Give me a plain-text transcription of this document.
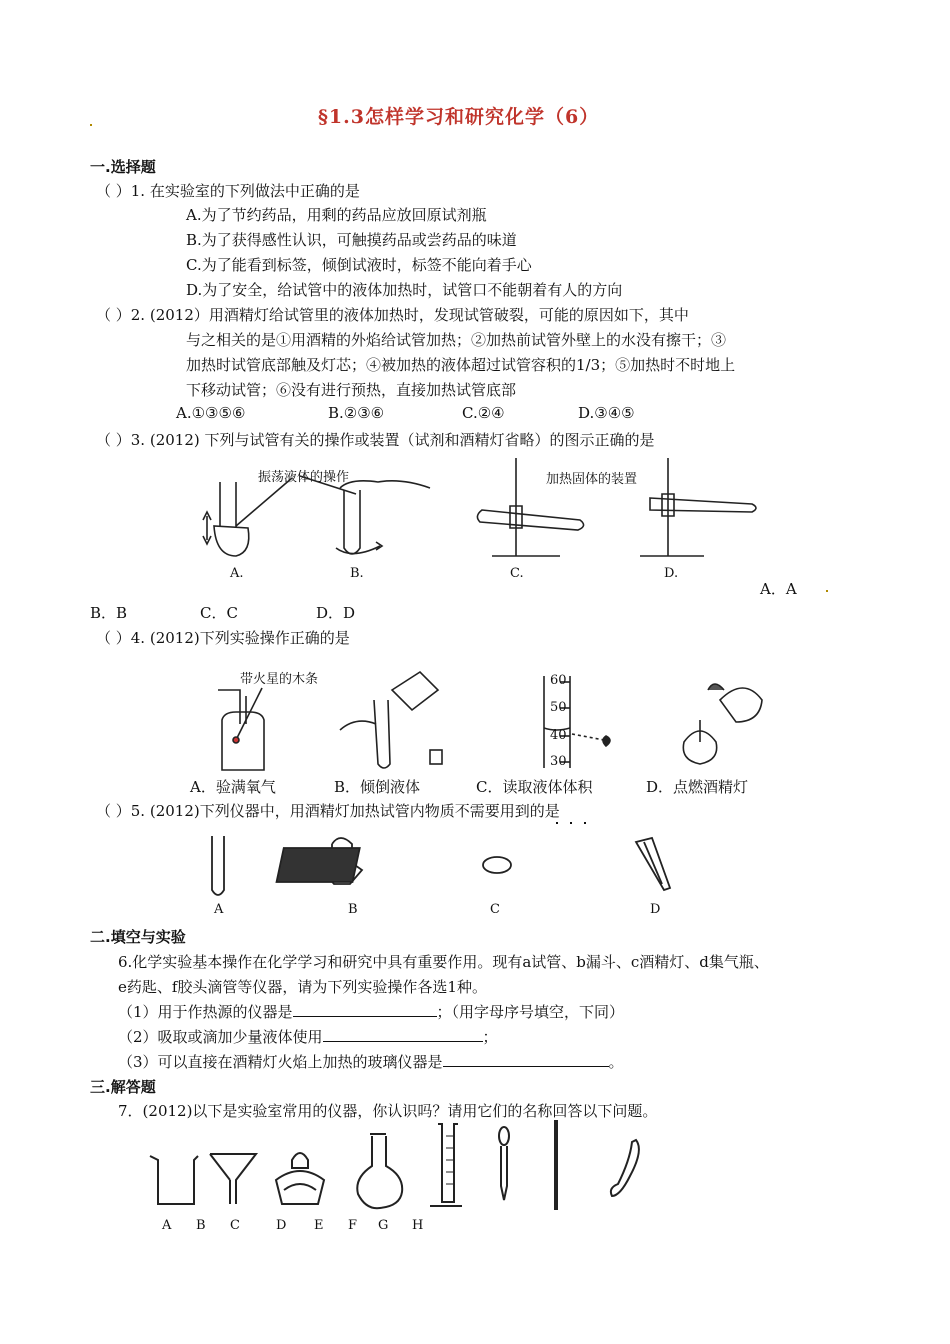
§1.3怎样学习和研究化学（6）
一.选择题
（ ）1. 在实验室的下列做法中正确的是
A.为了节约药品，用剩的药品应放回原试剂瓶
B.为了获得感性认识，可触摸药品或尝药品的味道
C.为了能看到标签，倾倒试液时，标签不能向着手心
D.为了安全，给试管中的液体加热时，试管口不能朝着有人的方向
（ ）2. (2012）用酒精灯给试管里的液体加热时，发现试管破裂，可能的原因如下，其中
与之相关的是①用酒精的外焰给试管加热；②加热前试管外壁上的水没有擦干；③
加热时试管底部触及灯芯；④被加热的液体超过试管容积的1/3；⑤加热时不时地上
下移动试管；⑥没有进行预热，直接加热试管底部
A.①③⑤⑥	B.②③⑥	C.②④	D.③④⑤
（ ）3. (2012) 下列与试管有关的操作或装置（试剂和酒精灯省略）的图示正确的是
振荡液体的操作	加热固体的装置
A.	B.	C.	D.
A．A
B．B	C．C	D．D
（ ）4. (2012)下列实验操作正确的是
带火星的木条	60
50
40
30
A．验满氧气	B．倾倒液体	C．读取液体体积	D．点燃酒精灯
（ ）5. (2012)下列仪器中，用酒精灯加热试管内物质不需要用到的是
A	B	C	D
二.填空与实验
6.化学实验基本操作在化学学习和研究中具有重要作用。现有a试管、b漏斗、c酒精灯、d集气瓶、
e药匙、f胶头滴管等仪器，请为下列实验操作各选1种。
（1）用于作热源的仪器是	；（用字母序号填空，下同）
（2）吸取或滴加少量液体使用	；
（3）可以直接在酒精灯火焰上加热的玻璃仪器是	。
三.解答题
7．(2012)以下是实验室常用的仪器，你认识吗？请用它们的名称回答以下问题。
A B C	D E F G H
